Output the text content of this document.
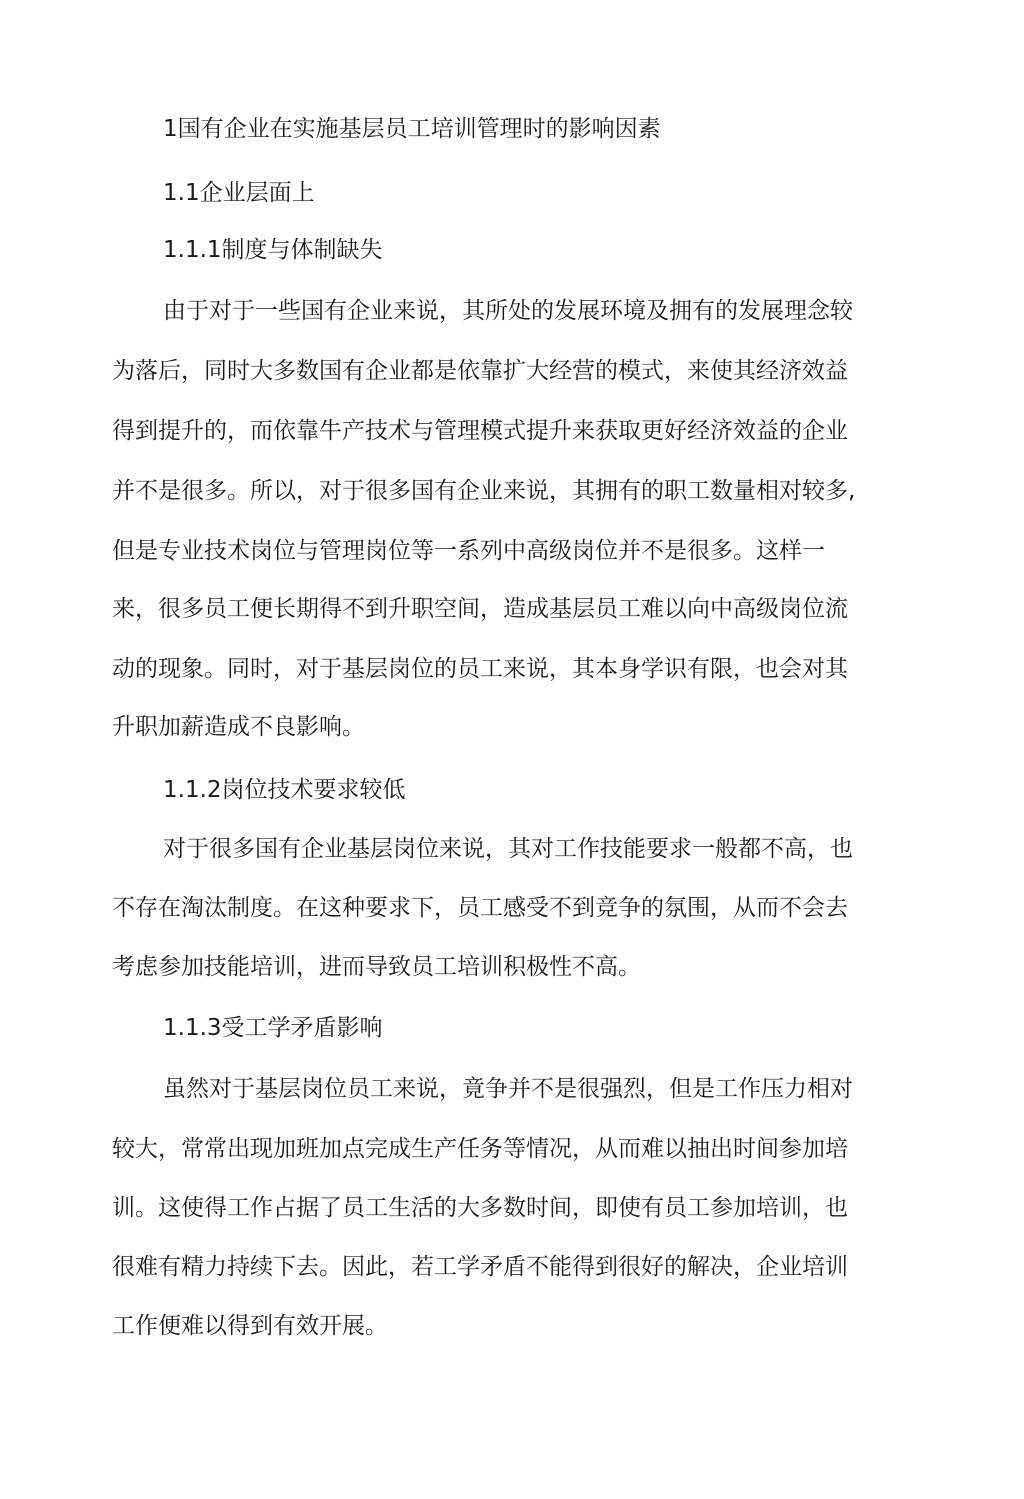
1国有企业在实施基层员工培训管理时的影响因素
1.1企业层面上
1.1.1制度与体制缺失
由于对于一些国有企业来说，其所处的发展环境及拥有的发展理念较
为落后，同时大多数国有企业都是依靠扩大经营的模式，来使其经济效益
得到提升的，而依靠牛产技术与管理模式提升来获取更好经济效益的企业
并不是很多。所以，对于很多国有企业来说，其拥有的职工数量相对较多,
但是专业技术岗位与管理岗位等一系列中高级岗位并不是很多。这样一
来，很多员工便长期得不到升职空间，造成基层员工难以向中高级岗位流
动的现象。同时，对于基层岗位的员工来说，其本身学识有限，也会对其
升职加薪造成不良影响。
1.1.2岗位技术要求较低
对于很多国有企业基层岗位来说，其对工作技能要求一般都不高，也
不存在淘汰制度。在这种要求下，员工感受不到竞争的氛围，从而不会去
考虑参加技能培训，进而导致员工培训积极性不高。
1.1.3受工学矛盾影响
虽然对于基层岗位员工来说，竟争并不是很强烈，但是工作压力相对
较大，常常出现加班加点完成生产任务等情况，从而难以抽出时间参加培
训。这使得工作占据了员工生活的大多数时间，即使有员工参加培训，也
很难有精力持续下去。因此，若工学矛盾不能得到很好的解决，企业培训
工作便难以得到有效开展。
